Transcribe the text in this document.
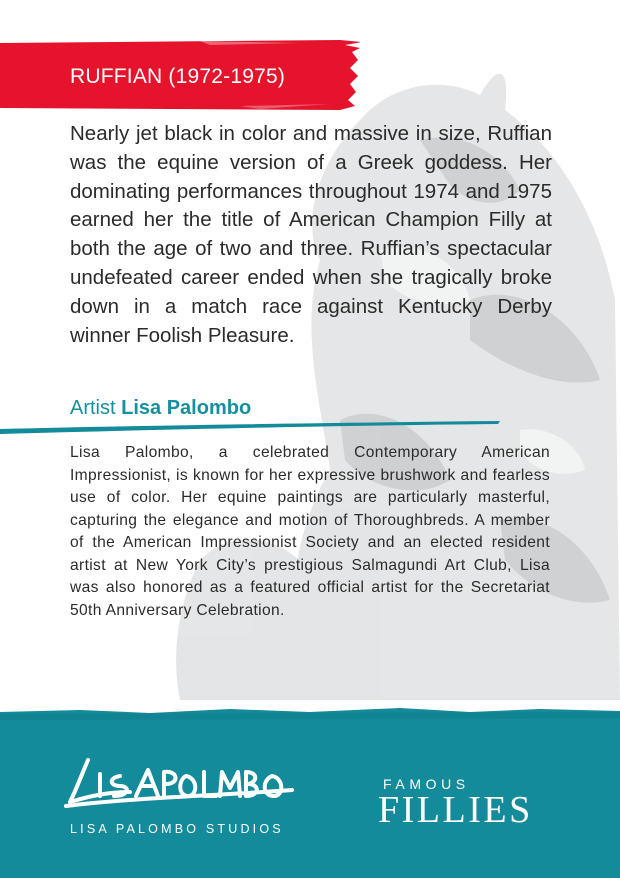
RUFFIAN (1972-1975)
Nearly jet black in color and massive in size, Ruffian was the equine version of a Greek goddess. Her dominating performances throughout 1974 and 1975 earned her the title of American Champion Filly at both the age of two and three. Ruffian’s spectacular undefeated career ended when she tragically broke down in a match race against Kentucky Derby winner Foolish Pleasure.
Artist Lisa Palombo
Lisa Palombo, a celebrated Contemporary American Impressionist, is known for her expressive brushwork and fearless use of color. Her equine paintings are particularly masterful, capturing the elegance and motion of Thoroughbreds. A member of the American Impressionist Society and an elected resident artist at New York City’s prestigious Salmagundi Art Club, Lisa was also honored as a featured official artist for the Secretariat 50th Anniversary Celebration.
LISA PALOMBO STUDIOS
FAMOUS
FILLIES
